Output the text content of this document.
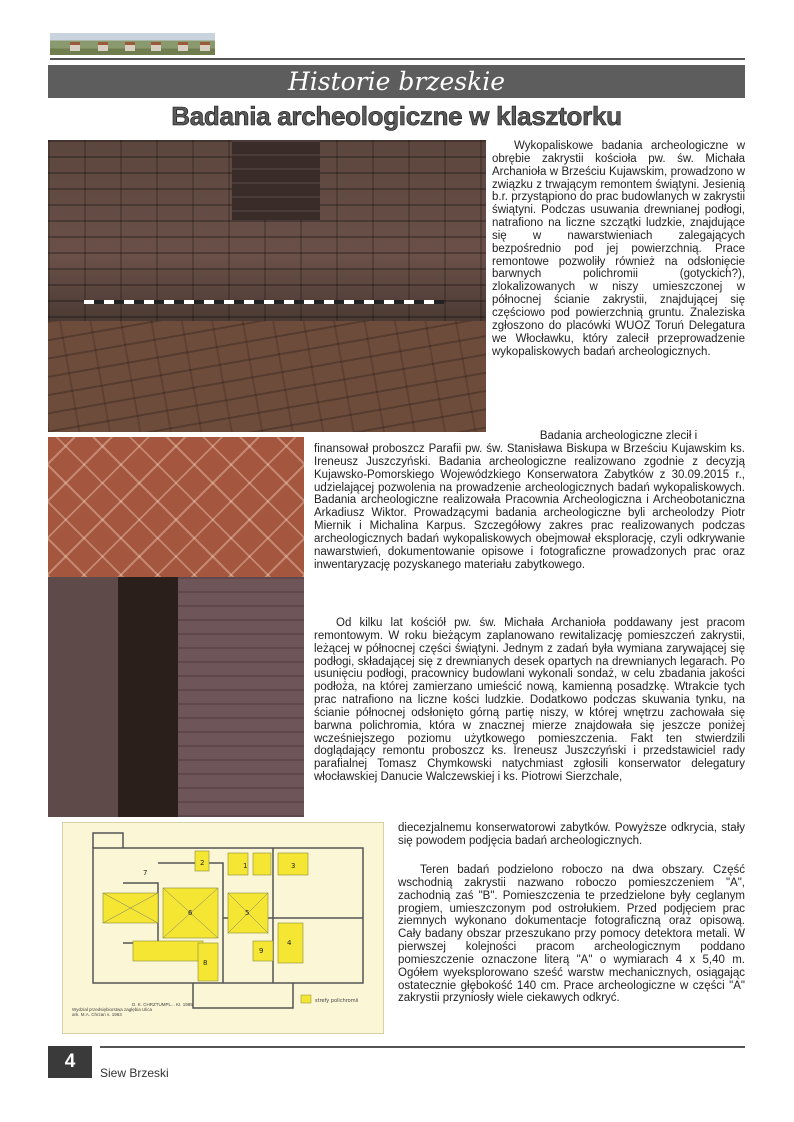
Historie brzeskie
Badania archeologiczne w klasztorku
7
1
2	3
4
5
6
8
9
strefy polichromii
D. K. CHRZTUMPL... KI. 1985
Wydział przedsiębiorstwa zagłębia Ulica
ark. M.A. Chrzan s. 1963

Wykopaliskowe badania archeologiczne w obrębie zakrystii kościoła pw. św. Michała Archanioła w Brześciu Kujawskim, prowadzono w związku z trwającym remontem świątyni. Jesienią b.r. przystąpiono do prac budowlanych w zakrystii świątyni. Podczas usuwania drewnianej podłogi, natrafiono na liczne szczątki ludzkie, znajdujące się w nawarstwieniach zalegających bezpośrednio pod jej powierzchnią. Prace remontowe pozwoliły również na odsłonięcie barwnych polichromii (gotyckich?), zlokalizowanych w niszy umieszczonej w północnej ścianie zakrystii, znajdującej się częściowo pod powierzchnią gruntu. Znaleziska zgłoszono do placówki WUOZ Toruń Delegatura we Włocławku, który zalecił przeprowadzenie wykopaliskowych badań archeologicznych.

Badania archeologiczne zlecił i

finansował proboszcz Parafii pw. św. Stanisława Biskupa w Brześciu Kujawskim ks. Ireneusz Juszczyński. Badania archeologiczne realizowano zgodnie z decyzją Kujawsko-Pomorskiego Wojewódzkiego Konserwatora Zabytków z 30.09.2015 r., udzielającej pozwolenia na prowadzenie archeologicznych badań wykopaliskowych. Badania archeologiczne realizowała Pracownia Archeologiczna i Archeobotaniczna Arkadiusz Wiktor. Prowadzącymi badania archeologiczne byli archeolodzy Piotr Miernik i Michalina Karpus. Szczegółowy zakres prac realizowanych podczas archeologicznych badań wykopaliskowych obejmował eksplorację, czyli odkrywanie nawarstwień, dokumentowanie opisowe i fotograficzne prowadzonych prac oraz inwentaryzację pozyskanego materiału zabytkowego.

Od kilku lat kościół pw. św. Michała Archanioła poddawany jest pracom remontowym. W roku bieżącym zaplanowano rewitalizację pomieszczeń zakrystii, leżącej w północnej części świątyni. Jednym z zadań była wymiana zarywającej się podłogi, składającej się z drewnianych desek opartych na drewnianych legarach. Po usunięciu podłogi, pracownicy budowlani wykonali sondaż, w celu zbadania jakości podłoża, na której zamierzano umieścić nową, kamienną posadzkę. Wtrakcie tych prac natrafiono na liczne kości ludzkie. Dodatkowo podczas skuwania tynku, na ścianie północnej odsłonięto górną partię niszy, w której wnętrzu zachowała się barwna polichromia, która w znacznej mierze znajdowała się jeszcze poniżej wcześniejszego poziomu użytkowego pomieszczenia. Fakt ten stwierdzili doglądający remontu proboszcz ks. Ireneusz Juszczyński i przedstawiciel rady parafialnej Tomasz Chymkowski natychmiast zgłosili konserwator delegatury włocławskiej Danucie Walczewskiej i ks. Piotrowi Sierzchale,

diecezjalnemu konserwatorowi zabytków. Powyższe odkrycia, stały się powodem podjęcia badań archeologicznych.

Teren badań podzielono roboczo na dwa obszary. Część wschodnią zakrystii nazwano roboczo pomieszczeniem "A", zachodnią zaś "B". Pomieszczenia te przedzielone były ceglanym progiem, umieszczonym pod ostrołukiem. Przed podjęciem prac ziemnych wykonano dokumentacje fotograficzną oraz opisową. Cały badany obszar przeszukano przy pomocy detektora metali. W pierwszej kolejności pracom archeologicznym poddano pomieszczenie oznaczone literą "A" o wymiarach 4 x 5,40 m. Ogółem wyeksplorowano sześć warstw mechanicznych, osiągając ostatecznie głębokość 140 cm. Prace archeologiczne w części "A" zakrystii przyniosły wiele ciekawych odkryć.

4
Siew Brzeski
